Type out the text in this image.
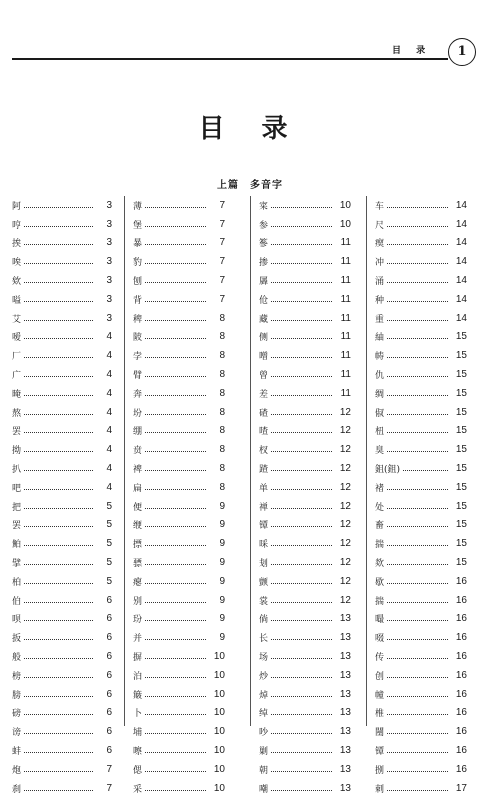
目 录	1
目 录
上篇　多音字
阿	3
哼	3
挨	3
唉	3
欸	3
嗌	3
艾	3
嗳	4
厂	4
广	4
晻	4
熬	4
罢	4
拗	4
扒	4
吧	4
把	5
罢	5
鲌	5
擘	5
柏	5
伯	6
呗	6
扳	6
般	6
榜	6
膀	6
磅	6
谤	6
蚌	6
炮	7
刹	7
薄	7
堡	7
暴	7
豹	7
刨	7
背	7
稗	8
陂	8
孛	8
臂	8
奔	8
坋	8
绷	8
贲	8
裨	8
扁	8
便	9
缏	9
摽	9
骠	9
瘪	9
别	9
玢	9
并	9
摒	10
泊	10
簸	10
卜	10
埔	10
嚓	10
偲	10
采	10
寀	10
参	10
篸	11
掺	11
羼	11
伧	11
藏	11
侧	11
噌	11
曾	11
差	11
碴	12
喳	12
杈	12
蹅	12
单	12
禅	12
镡	12
啋	12
刬	12
颤	12
裳	12
倘	13
长	13
场	13
炒	13
焯	13
绰	13
吵	13
剿	13
朝	13
嘲	13
车	14
尺	14
瘈	14
冲	14
涌	14
种	14
重	14
紬	15
帱	15
仇	15
绸	15
俶	15
杻	15
臭	15
鉏(鉏)	15
褚	15
处	15
畜	15
揣	15
欻	15
歇	16
揣	16
嘬	16
啜	16
传	16
创	16
幢	16
椎	16
闉	16
镡	16
捌	16
刺	17
